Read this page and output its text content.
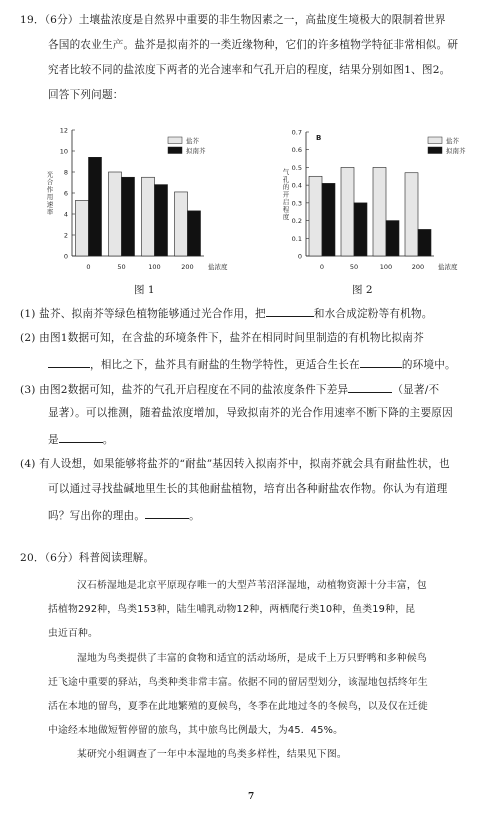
19．（6分）土壤盐浓度是自然界中重要的非生物因素之一，高盐度生境极大的限制着世界
各国的农业生产。盐芥是拟南芥的一类近缘物种，它们的许多植物学特征非常相似。研
究者比较不同的盐浓度下两者的光合速率和气孔开启的程度，结果分别如图1、图2。
回答下列问题：
0
2
4
6
8
10
12
0	50	100	200 盐浓度
光
合
作
用
速
率
盐芥
拟南芥
图 1
0
0.1
0.2
0.3
0.4
0.5
0.6
0.7
0	50	100	200 盐浓度
气
孔
的
开
启
程
度
B	盐芥
拟南芥
图 2
(1) 盐芥、拟南芥等绿色植物能够通过光合作用，把	和水合成淀粉等有机物。
(2) 由图1数据可知，在含盐的环境条件下，盐芥在相同时间里制造的有机物比拟南芥
，相比之下，盐芥具有耐盐的生物学特性，更适合生长在	的环境中。
(3) 由图2数据可知，盐芥的气孔开启程度在不同的盐浓度条件下差异	（显著/不
显著）。可以推测，随着盐浓度增加，导致拟南芥的光合作用速率不断下降的主要原因
是	。
(4) 有人设想，如果能够将盐芥的“耐盐”基因转入拟南芥中，拟南芥就会具有耐盐性状，也
可以通过寻找盐碱地里生长的其他耐盐植物，培育出各种耐盐农作物。你认为有道理
吗？写出你的理由。	。
20．（6分）科普阅读理解。
汉石桥湿地是北京平原现存唯一的大型芦苇沼泽湿地，动植物资源十分丰富，包
括植物292种，鸟类153种，陆生哺乳动物12种，两栖爬行类10种，鱼类19种，昆
虫近百种。
湿地为鸟类提供了丰富的食物和适宜的活动场所，是成千上万只野鸭和多种候鸟
迁飞途中重要的驿站，鸟类种类非常丰富。依据不同的留居型划分，该湿地包括终年生
活在本地的留鸟，夏季在此地繁殖的夏候鸟，冬季在此地过冬的冬候鸟，以及仅在迁徙
中途经本地做短暂停留的旅鸟，其中旅鸟比例最大，为45．45%。
某研究小组调查了一年中本湿地的鸟类多样性，结果见下图。
7
